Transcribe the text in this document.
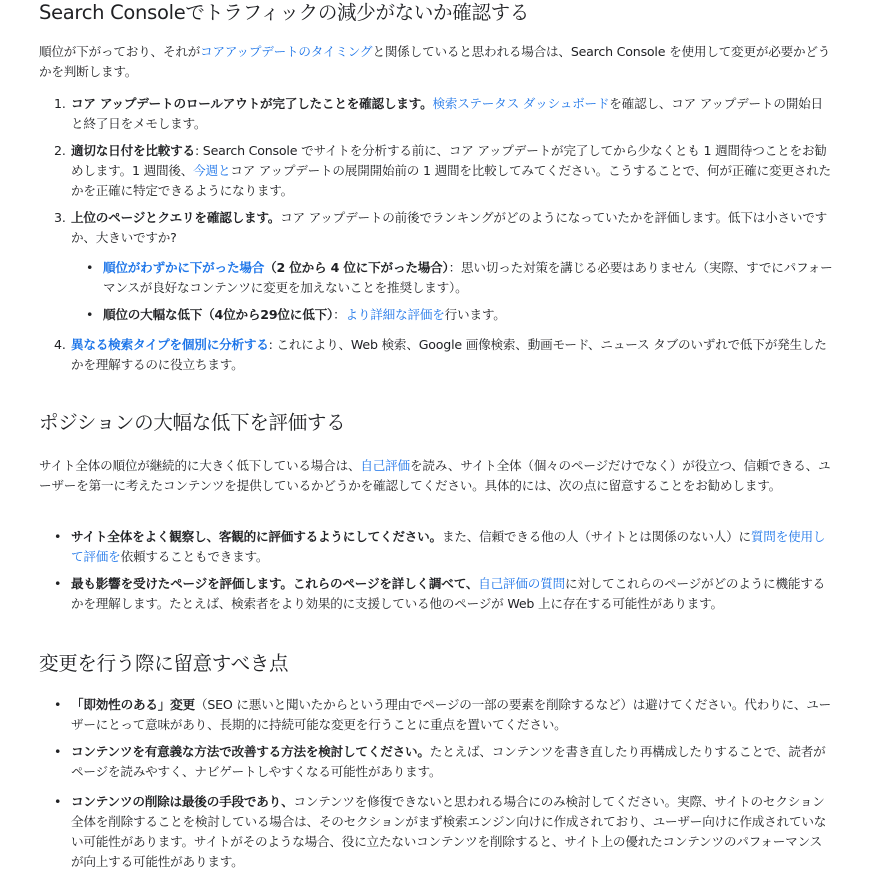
Search Consoleでトラフィックの減少がないか確認する

順位が下がっており、それがコアアップデートのタイミングと関係していると思われる場合は、Search Console を使用して変更が必要かどうかを判断します。

1. コア アップデートのロールアウトが完了したことを確認します。検索ステータス ダッシュボードを確認し、コア アップデートの開始日と終了日をメモします。
2. 適切な日付を比較する: Search Console でサイトを分析する前に、コア アップデートが完了してから少なくとも 1 週間待つことをお勧めします。1 週間後、今週とコア アップデートの展開開始前の 1 週間を比較してみてください。こうすることで、何が正確に変更されたかを正確に特定できるようになります。
3. 上位のページとクエリを確認します。コア アップデートの前後でランキングがどのようになっていたかを評価します。低下は小さいですか、大きいですか?
• 順位がわずかに下がった場合（2 位から 4 位に下がった場合）：思い切った対策を講じる必要はありません（実際、すでにパフォーマンスが良好なコンテンツに変更を加えないことを推奨します）。
• 順位の大幅な低下（4位から29位に低下）：より詳細な評価を行います。
4. 異なる検索タイプを個別に分析する: これにより、Web 検索、Google 画像検索、動画モード、ニュース タブのいずれで低下が発生したかを理解するのに役立ちます。
ポジションの大幅な低下を評価する

サイト全体の順位が継続的に大きく低下している場合は、自己評価を読み、サイト全体（個々のページだけでなく）が役立つ、信頼できる、ユーザーを第一に考えたコンテンツを提供しているかどうかを確認してください。具体的には、次の点に留意することをお勧めします。

• サイト全体をよく観察し、客観的に評価するようにしてください。また、信頼できる他の人（サイトとは関係のない人）に質問を使用して評価を依頼することもできます。
• 最も影響を受けたページを評価します。これらのページを詳しく調べて、自己評価の質問に対してこれらのページがどのように機能するかを理解します。たとえば、検索者をより効果的に支援している他のページが Web 上に存在する可能性があります。
変更を行う際に留意すべき点
• 「即効性のある」変更（SEO に悪いと聞いたからという理由でページの一部の要素を削除するなど）は避けてください。代わりに、ユーザーにとって意味があり、長期的に持続可能な変更を行うことに重点を置いてください。
• コンテンツを有意義な方法で改善する方法を検討してください。たとえば、コンテンツを書き直したり再構成したりすることで、読者がページを読みやすく、ナビゲートしやすくなる可能性があります。
• コンテンツの削除は最後の手段であり、コンテンツを修復できないと思われる場合にのみ検討してください。実際、サイトのセクション全体を削除することを検討している場合は、そのセクションがまず検索エンジン向けに作成されており、ユーザー向けに作成されていない可能性があります。サイトがそのような場合、役に立たないコンテンツを削除すると、サイト上の優れたコンテンツのパフォーマンスが向上する可能性があります。
